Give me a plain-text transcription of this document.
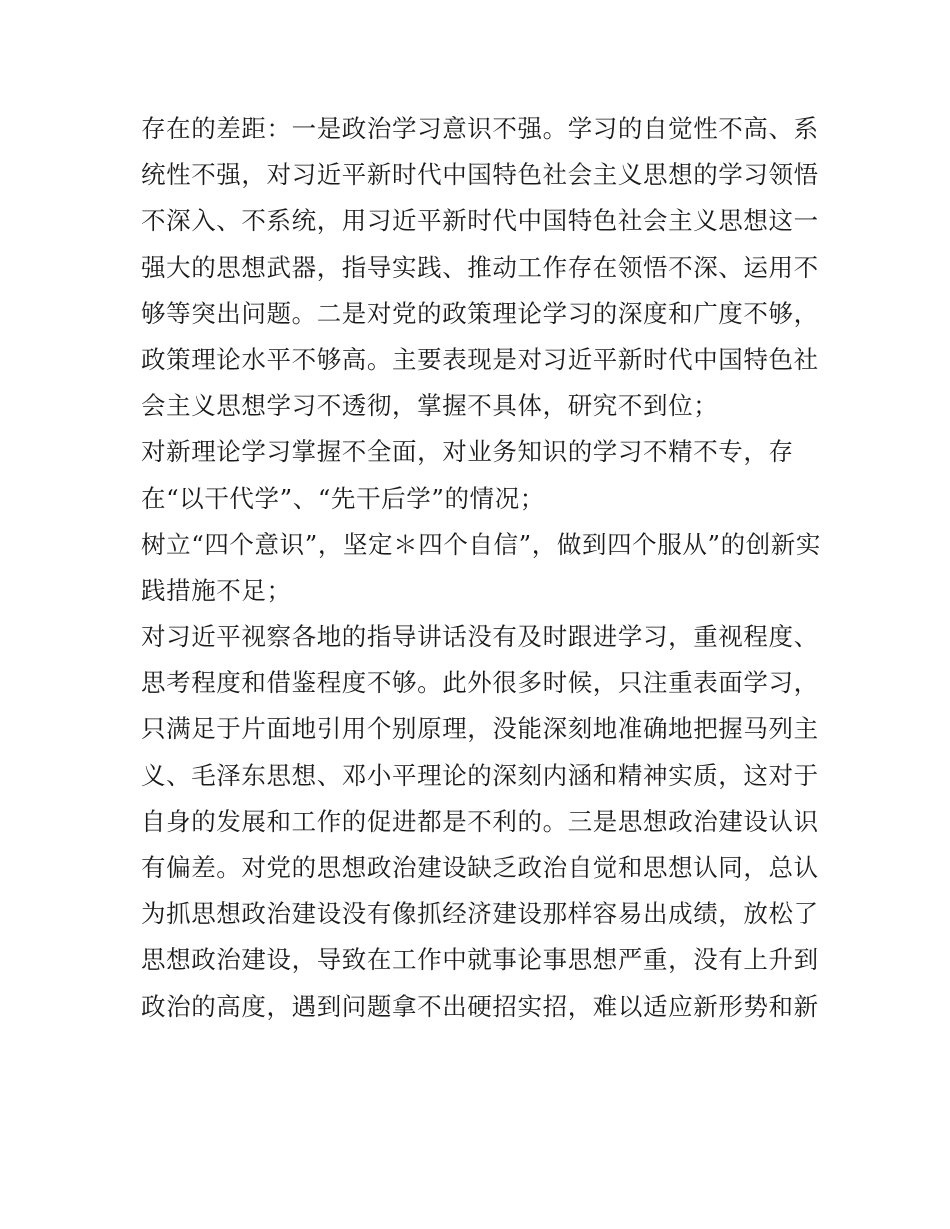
存在的差距：一是政治学习意识不强。学习的自觉性不高、系
统性不强，对习近平新时代中国特色社会主义思想的学习领悟
不深入、不系统，用习近平新时代中国特色社会主义思想这一
强大的思想武器，指导实践、推动工作存在领悟不深、运用不
够等突出问题。二是对党的政策理论学习的深度和广度不够，
政策理论水平不够高。主要表现是对习近平新时代中国特色社
会主义思想学习不透彻，掌握不具体，研究不到位；
对新理论学习掌握不全面，对业务知识的学习不精不专，存
在“以干代学”、“先干后学”的情况；
树立“四个意识”，坚定＊四个自信”，做到四个服从”的创新实
践措施不足；
对习近平视察各地的指导讲话没有及时跟进学习，重视程度、
思考程度和借鉴程度不够。此外很多时候，只注重表面学习，
只满足于片面地引用个别原理，没能深刻地准确地把握马列主
义、毛泽东思想、邓小平理论的深刻内涵和精神实质，这对于
自身的发展和工作的促进都是不利的。三是思想政治建设认识
有偏差。对党的思想政治建设缺乏政治自觉和思想认同，总认
为抓思想政治建设没有像抓经济建设那样容易出成绩，放松了
思想政治建设，导致在工作中就事论事思想严重，没有上升到
政治的高度，遇到问题拿不出硬招实招，难以适应新形势和新
